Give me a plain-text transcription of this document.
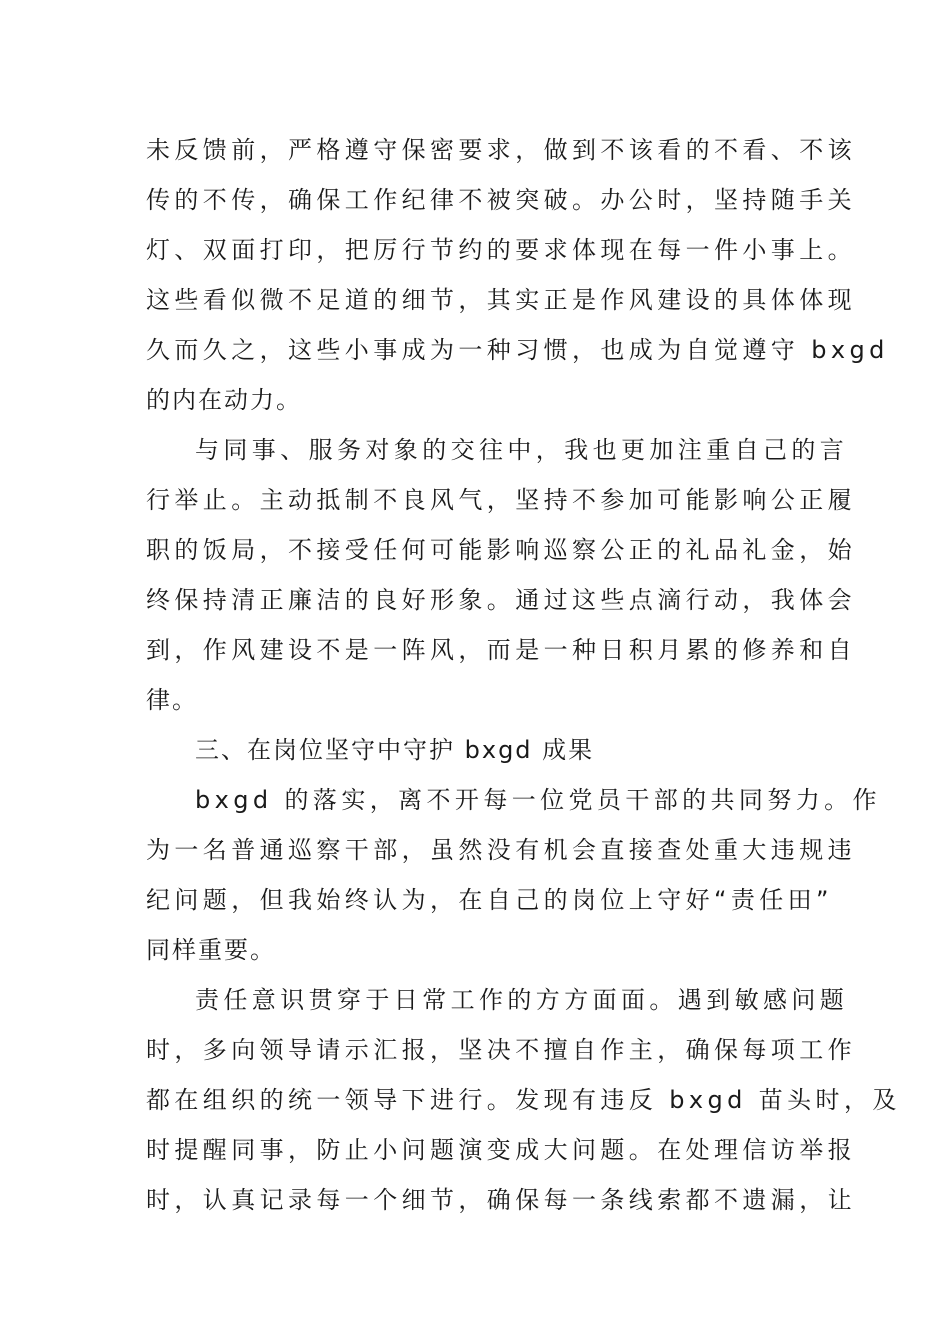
未反馈前，严格遵守保密要求，做到不该看的不看、不该
传的不传，确保工作纪律不被突破。办公时，坚持随手关
灯、双面打印，把厉行节约的要求体现在每一件小事上。
这些看似微不足道的细节，其实正是作风建设的具体体现
久而久之，这些小事成为一种习惯，也成为自觉遵守 bxgd
的内在动力。
与同事、服务对象的交往中，我也更加注重自己的言
行举止。主动抵制不良风气，坚持不参加可能影响公正履
职的饭局，不接受任何可能影响巡察公正的礼品礼金，始
终保持清正廉洁的良好形象。通过这些点滴行动，我体会
到，作风建设不是一阵风，而是一种日积月累的修养和自
律。
三、在岗位坚守中守护 bxgd 成果
bxgd 的落实，离不开每一位党员干部的共同努力。作
为一名普通巡察干部，虽然没有机会直接查处重大违规违
纪问题，但我始终认为，在自己的岗位上守好“责任田”
同样重要。
责任意识贯穿于日常工作的方方面面。遇到敏感问题
时，多向领导请示汇报，坚决不擅自作主，确保每项工作
都在组织的统一领导下进行。发现有违反 bxgd 苗头时，及
时提醒同事，防止小问题演变成大问题。在处理信访举报
时，认真记录每一个细节，确保每一条线索都不遗漏，让
